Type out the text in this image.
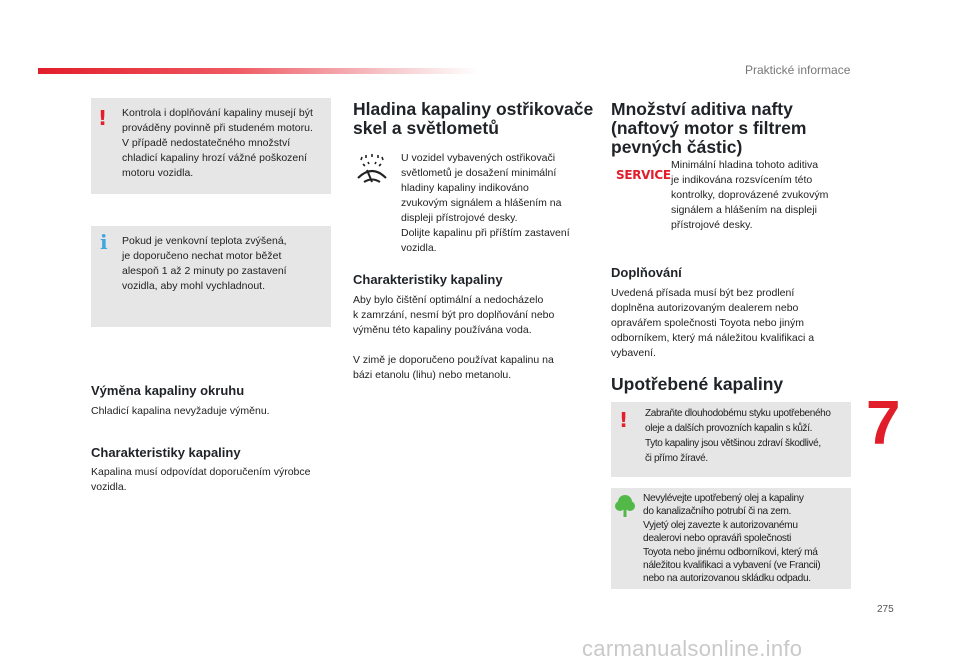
Praktické informace
! Kontrola i doplňování kapaliny musejí být
prováděny povinně při studeném motoru.
V případě nedostatečného množství
chladicí kapaliny hrozí vážné poškození
motoru vozidla.
i Pokud je venkovní teplota zvýšená,
je doporučeno nechat motor běžet
alespoň 1 až 2 minuty po zastavení
vozidla, aby mohl vychladnout.
Výměna kapaliny okruhu
Chladicí kapalina nevyžaduje výměnu.
Charakteristiky kapaliny
Kapalina musí odpovídat doporučením výrobce
vozidla.
Hladina kapaliny ostřikovače
skel a světlometů
U vozidel vybavených ostřikovači
světlometů je dosažení minimální
hladiny kapaliny indikováno
zvukovým signálem a hlášením na
displeji přístrojové desky.
Dolijte kapalinu při příštím zastavení
vozidla.
Charakteristiky kapaliny
Aby bylo čištění optimální a nedocházelo
k zamrzání, nesmí být pro doplňování nebo
výměnu této kapaliny používána voda.
V zimě je doporučeno používat kapalinu na
bázi etanolu (lihu) nebo metanolu.
Množství aditiva nafty
(naftový motor s filtrem
pevných částic)
SERVICE
Minimální hladina tohoto aditiva
je indikována rozsvícením této
kontrolky, doprovázené zvukovým
signálem a hlášením na displeji
přístrojové desky.
Doplňování
Uvedená přísada musí být bez prodlení
doplněna autorizovaným dealerem nebo
opravářem společnosti Toyota nebo jiným
odborníkem, který má náležitou kvalifikaci a
vybavení.
Upotřebené kapaliny
! Zabraňte dlouhodobému styku upotřebeného
oleje a dalších provozních kapalin s kůží.
Tyto kapaliny jsou většinou zdraví škodlivé,
či přímo žíravé.
Nevylévejte upotřebený olej a kapaliny
do kanalizačního potrubí či na zem.
Vyjetý olej zavezte k autorizovanému
dealerovi nebo opraváři společnosti
Toyota nebo jinému odborníkovi, který má
náležitou kvalifikaci a vybavení (ve Francii)
nebo na autorizovanou skládku odpadu.
7
275
carmanualsonline.info
